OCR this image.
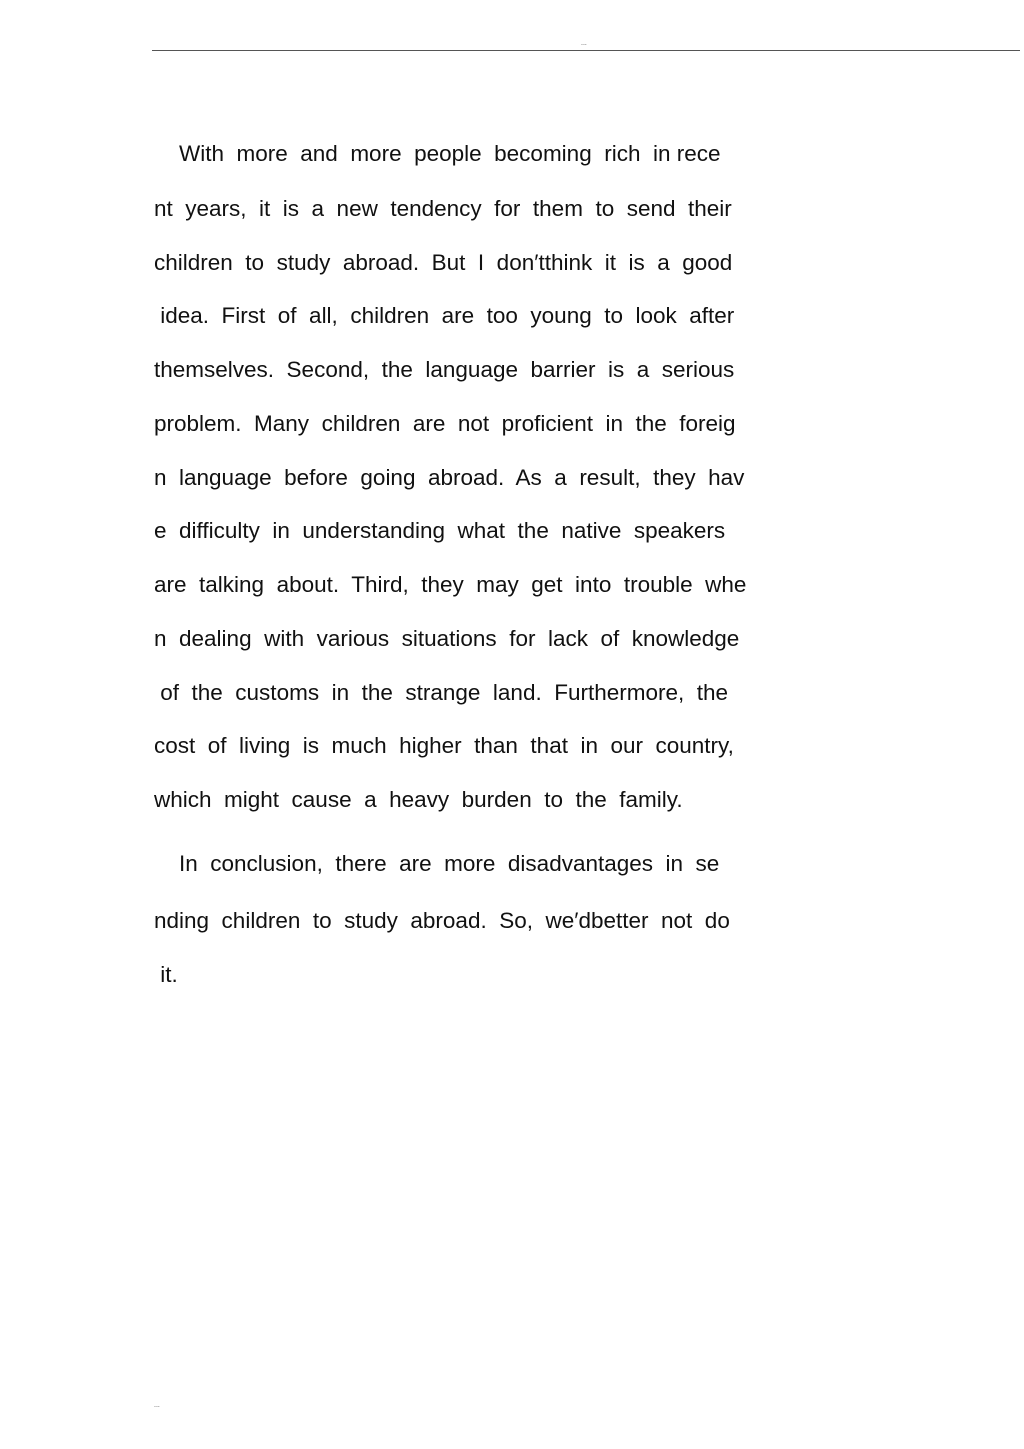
...
With  more  and  more  people  becoming  rich  in rece
nt  years,  it  is  a  new  tendency  for  them  to  send  their
children  to  study  abroad.  But  I  don′tthink  it  is  a  good
idea.  First  of  all,  children  are  too  young  to  look  after
themselves.  Second,  the  language  barrier  is  a  serious
problem.  Many  children  are  not  proficient  in  the  foreig
n  language  before  going  abroad.  As  a  result,  they  hav
e  difficulty  in  understanding  what  the  native  speakers
are  talking  about.  Third,  they  may  get  into  trouble  whe
n  dealing  with  various  situations  for  lack  of  knowledge
of  the  customs  in  the  strange  land.  Furthermore,  the
cost  of  living  is  much  higher  than  that  in  our  country,
which  might  cause  a  heavy  burden  to  the  family.
In  conclusion,  there  are  more  disadvantages  in  se
nding  children  to  study  abroad.  So,  we′dbetter  not  do
it.
...
